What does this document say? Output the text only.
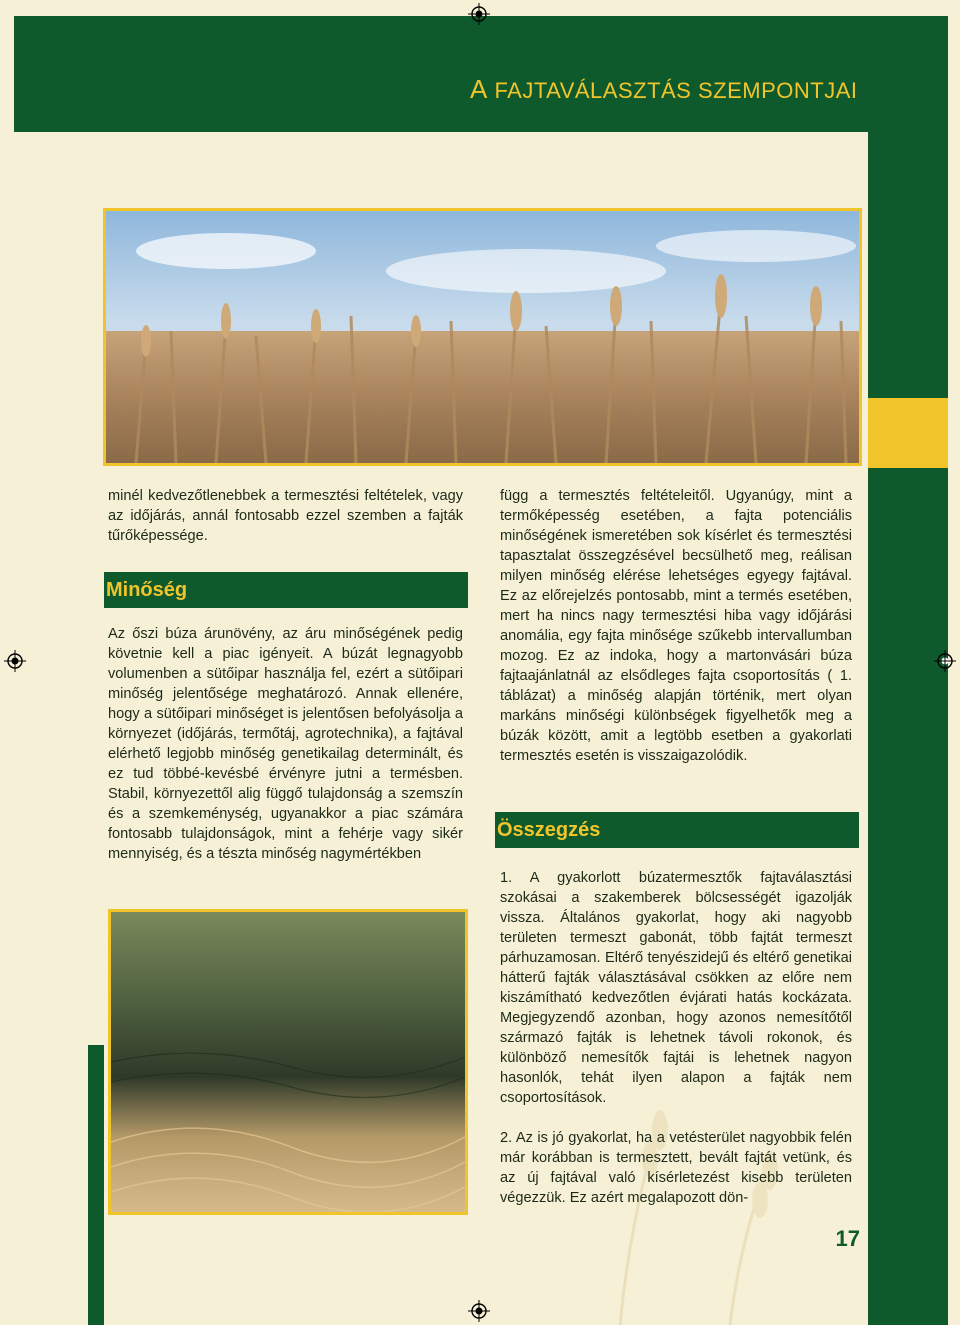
A FAJTAVÁLASZTÁS SZEMPONTJAI

minél kedvezőtlenebbek a termesztési feltételek, vagy az időjárás, annál fontosabb ezzel szemben a fajták tűrőképessége.

Minőség

Az őszi búza árunövény, az áru minőségének pedig követnie kell a piac igényeit. A búzát legnagyobb volumenben a sütőipar használja fel, ezért a sütőipari minőség jelentősége meghatározó. Annak ellenére, hogy a sütőipari minőséget is jelentősen befolyásolja a környezet (időjárás, termőtáj, agrotechnika), a fajtával elérhető legjobb minőség genetikailag determinált, és ez tud többé-kevésbé érvényre jutni a termésben. Stabil, környezettől alig függő tulajdonság a szemszín és a szemkeménység, ugyanakkor a piac számára fontosabb tulajdonságok, mint a fehérje vagy sikér mennyiség, és a tészta minőség nagymértékben

függ a termesztés feltételeitől. Ugyanúgy, mint a termőképesség esetében, a fajta potenciális minőségének ismeretében sok kísérlet és termesztési tapasztalat összegzésével becsülhető meg, reálisan milyen minőség elérése lehetséges egyegy fajtával. Ez az előrejelzés pontosabb, mint a termés esetében, mert ha nincs nagy termesztési hiba vagy időjárási anomália, egy fajta minősége szűkebb intervallumban mozog. Ez az indoka, hogy a martonvásári búza fajtaajánlatnál az elsődleges fajta csoportosítás ( 1. táblázat) a minőség alapján történik, mert olyan markáns minőségi különbségek figyelhetők meg a búzák között, amit a legtöbb esetben a gyakorlati termesztés esetén is visszaigazolódik.

Összegzés

1. A gyakorlott búzatermesztők fajtaválasztási szokásai a szakemberek bölcsességét igazolják vissza. Általános gyakorlat, hogy aki nagyobb területen termeszt gabonát, több fajtát termeszt párhuzamosan. Eltérő tenyészidejű és eltérő genetikai hátterű fajták választásával csökken az előre nem kiszámítható kedvezőtlen évjárati hatás kockázata. Megjegyzendő azonban, hogy azonos nemesítőtől származó fajták is lehetnek távoli rokonok, és különböző nemesítők fajtái is lehetnek nagyon hasonlók, tehát ilyen alapon a fajták nem csoportosítások.

2. Az is jó gyakorlat, ha a vetésterület nagyobbik felén már korábban is termesztett, bevált fajtát vetünk, és az új fajtával való kísérletezést kisebb területen végezzük. Ez azért megalapozott dön-

17
